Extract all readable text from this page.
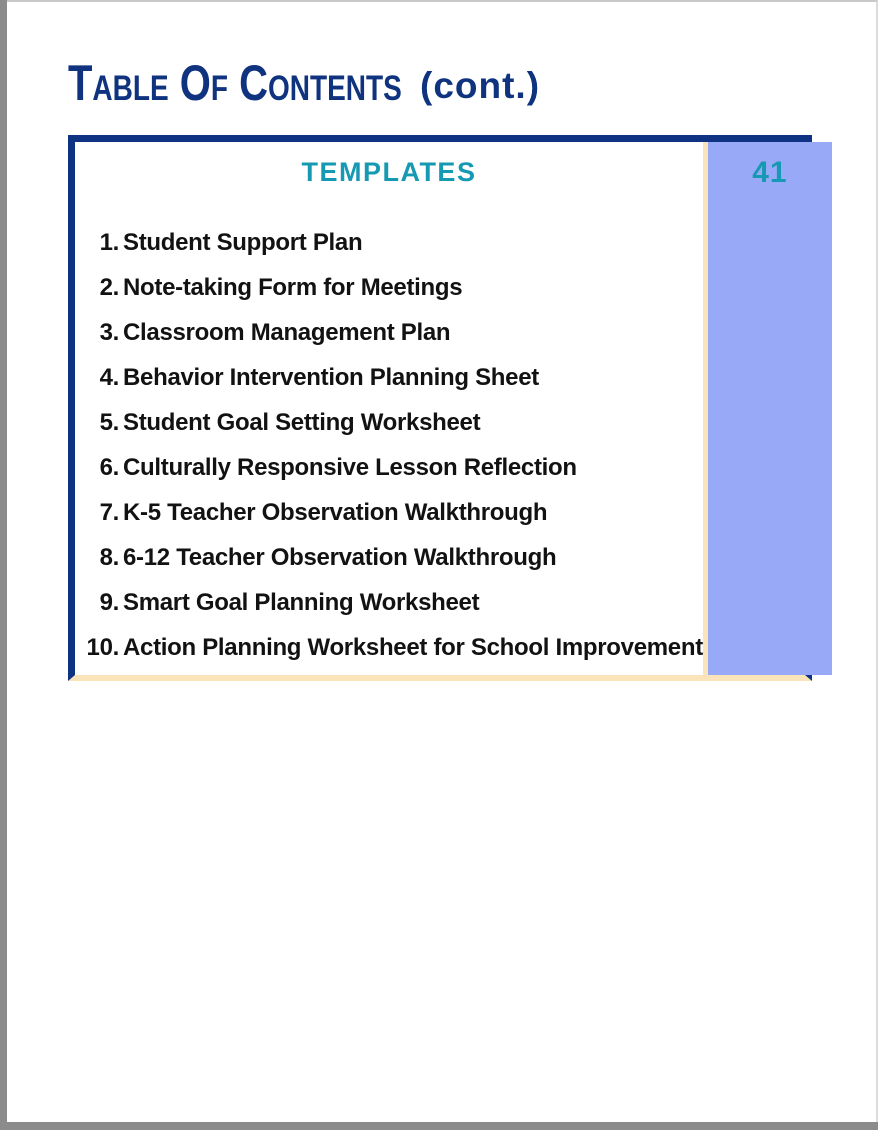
Table Of Contents (cont.)
TEMPLATES
1. Student Support Plan
2. Note-taking Form for Meetings
3. Classroom Management Plan
4. Behavior Intervention Planning Sheet
5. Student Goal Setting Worksheet
6. Culturally Responsive Lesson Reflection
7. K-5 Teacher Observation Walkthrough
8. 6-12 Teacher Observation Walkthrough
9. Smart Goal Planning Worksheet
10. Action Planning Worksheet for School Improvement
41
